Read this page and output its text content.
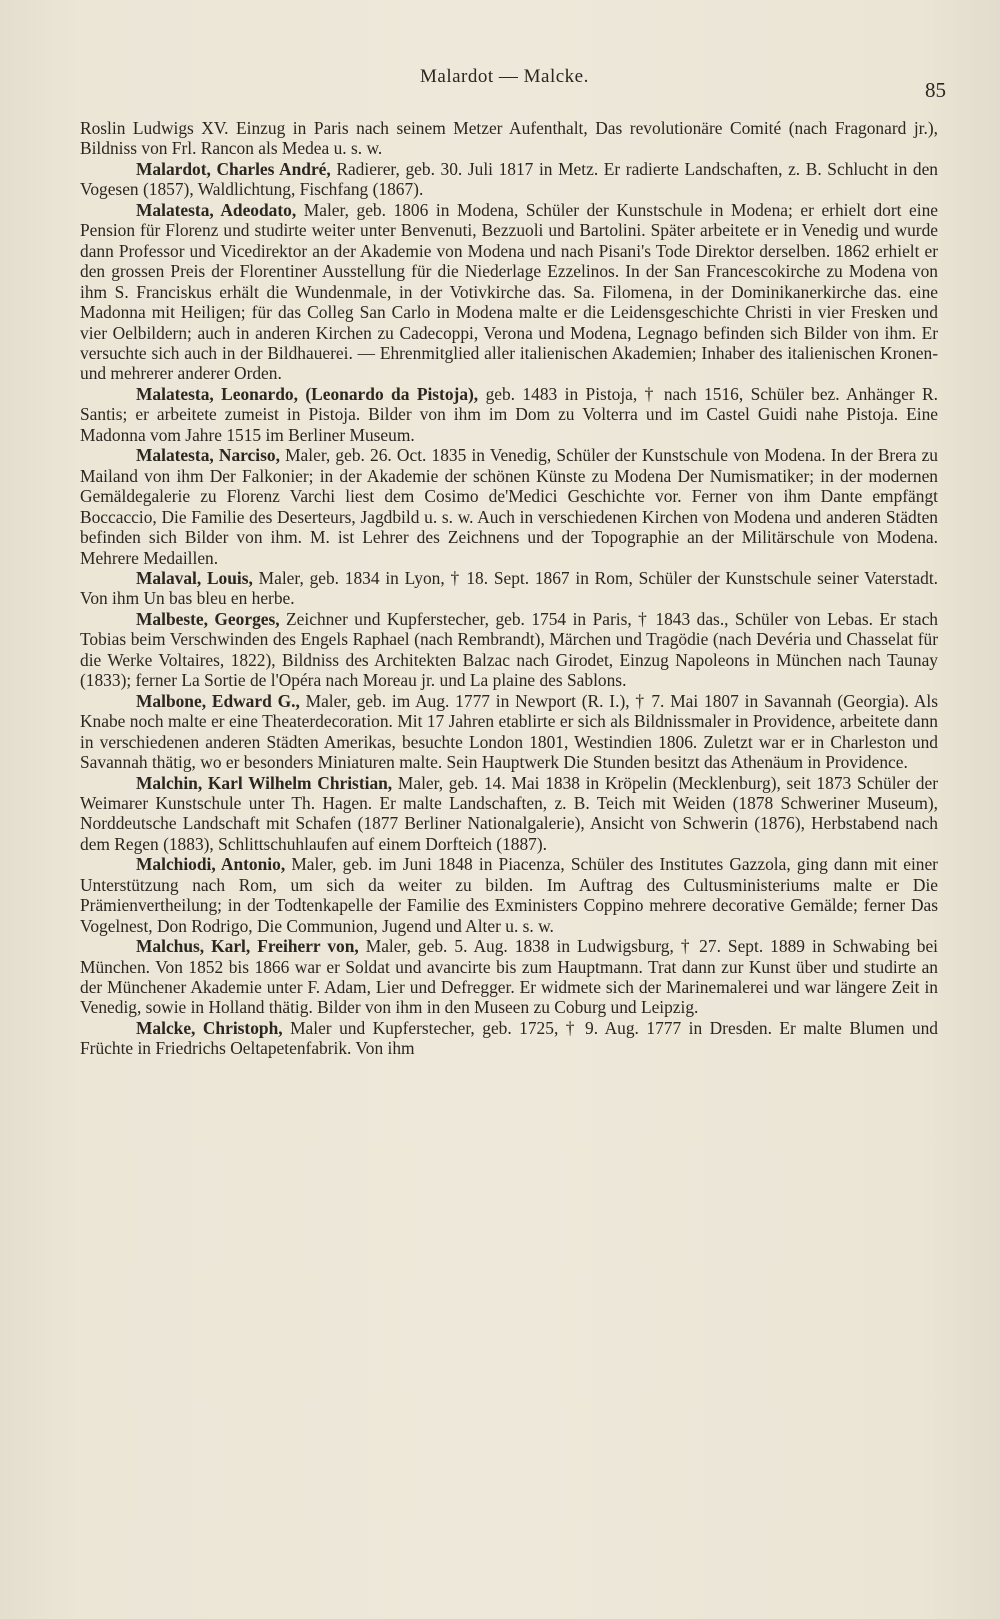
Malardot — Malcke.
85

Roslin Ludwigs XV. Einzug in Paris nach seinem Metzer Aufenthalt, Das revolutionäre Comité (nach Fragonard jr.), Bildniss von Frl. Rancon als Medea u. s. w.

Malardot, Charles André, Radierer, geb. 30. Juli 1817 in Metz. Er radierte Landschaften, z. B. Schlucht in den Vogesen (1857), Waldlichtung, Fischfang (1867).

Malatesta, Adeodato, Maler, geb. 1806 in Modena, Schüler der Kunstschule in Modena; er erhielt dort eine Pension für Florenz und studirte weiter unter Benvenuti, Bezzuoli und Bartolini. Später arbeitete er in Venedig und wurde dann Professor und Vicedirektor an der Akademie von Modena und nach Pisani's Tode Direktor derselben. 1862 erhielt er den grossen Preis der Florentiner Ausstellung für die Niederlage Ezzelinos. In der San Francescokirche zu Modena von ihm S. Franciskus erhält die Wundenmale, in der Votivkirche das. Sa. Filomena, in der Dominikanerkirche das. eine Madonna mit Heiligen; für das Colleg San Carlo in Modena malte er die Leidensgeschichte Christi in vier Fresken und vier Oelbildern; auch in anderen Kirchen zu Cadecoppi, Verona und Modena, Legnago befinden sich Bilder von ihm. Er versuchte sich auch in der Bildhauerei. — Ehrenmitglied aller italienischen Akademien; Inhaber des italienischen Kronen- und mehrerer anderer Orden.

Malatesta, Leonardo, (Leonardo da Pistoja), geb. 1483 in Pistoja, † nach 1516, Schüler bez. Anhänger R. Santis; er arbeitete zumeist in Pistoja. Bilder von ihm im Dom zu Volterra und im Castel Guidi nahe Pistoja. Eine Madonna vom Jahre 1515 im Berliner Museum.

Malatesta, Narciso, Maler, geb. 26. Oct. 1835 in Venedig, Schüler der Kunstschule von Modena. In der Brera zu Mailand von ihm Der Falkonier; in der Akademie der schönen Künste zu Modena Der Numismatiker; in der modernen Gemäldegalerie zu Florenz Varchi liest dem Cosimo de'Medici Geschichte vor. Ferner von ihm Dante empfängt Boccaccio, Die Familie des Deserteurs, Jagdbild u. s. w. Auch in verschiedenen Kirchen von Modena und anderen Städten befinden sich Bilder von ihm. M. ist Lehrer des Zeichnens und der Topographie an der Militärschule von Modena. Mehrere Medaillen.

Malaval, Louis, Maler, geb. 1834 in Lyon, † 18. Sept. 1867 in Rom, Schüler der Kunstschule seiner Vaterstadt. Von ihm Un bas bleu en herbe.

Malbeste, Georges, Zeichner und Kupferstecher, geb. 1754 in Paris, † 1843 das., Schüler von Lebas. Er stach Tobias beim Verschwinden des Engels Raphael (nach Rembrandt), Märchen und Tragödie (nach Devéria und Chasselat für die Werke Voltaires, 1822), Bildniss des Architekten Balzac nach Girodet, Einzug Napoleons in München nach Taunay (1833); ferner La Sortie de l'Opéra nach Moreau jr. und La plaine des Sablons.

Malbone, Edward G., Maler, geb. im Aug. 1777 in Newport (R. I.), † 7. Mai 1807 in Savannah (Georgia). Als Knabe noch malte er eine Theaterdecoration. Mit 17 Jahren etablirte er sich als Bildnissmaler in Providence, arbeitete dann in verschiedenen anderen Städten Amerikas, besuchte London 1801, Westindien 1806. Zuletzt war er in Charleston und Savannah thätig, wo er besonders Miniaturen malte. Sein Hauptwerk Die Stunden besitzt das Athenäum in Providence.

Malchin, Karl Wilhelm Christian, Maler, geb. 14. Mai 1838 in Kröpelin (Mecklenburg), seit 1873 Schüler der Weimarer Kunstschule unter Th. Hagen. Er malte Landschaften, z. B. Teich mit Weiden (1878 Schweriner Museum), Norddeutsche Landschaft mit Schafen (1877 Berliner Nationalgalerie), Ansicht von Schwerin (1876), Herbstabend nach dem Regen (1883), Schlittschuhlaufen auf einem Dorfteich (1887).

Malchiodi, Antonio, Maler, geb. im Juni 1848 in Piacenza, Schüler des Institutes Gazzola, ging dann mit einer Unterstützung nach Rom, um sich da weiter zu bilden. Im Auftrag des Cultusministeriums malte er Die Prämienvertheilung; in der Todtenkapelle der Familie des Exministers Coppino mehrere decorative Gemälde; ferner Das Vogelnest, Don Rodrigo, Die Communion, Jugend und Alter u. s. w.

Malchus, Karl, Freiherr von, Maler, geb. 5. Aug. 1838 in Ludwigsburg, † 27. Sept. 1889 in Schwabing bei München. Von 1852 bis 1866 war er Soldat und avancirte bis zum Hauptmann. Trat dann zur Kunst über und studirte an der Münchener Akademie unter F. Adam, Lier und Defregger. Er widmete sich der Marinemalerei und war längere Zeit in Venedig, sowie in Holland thätig. Bilder von ihm in den Museen zu Coburg und Leipzig.

Malcke, Christoph, Maler und Kupferstecher, geb. 1725, † 9. Aug. 1777 in Dresden. Er malte Blumen und Früchte in Friedrichs Oeltapetenfabrik. Von ihm
